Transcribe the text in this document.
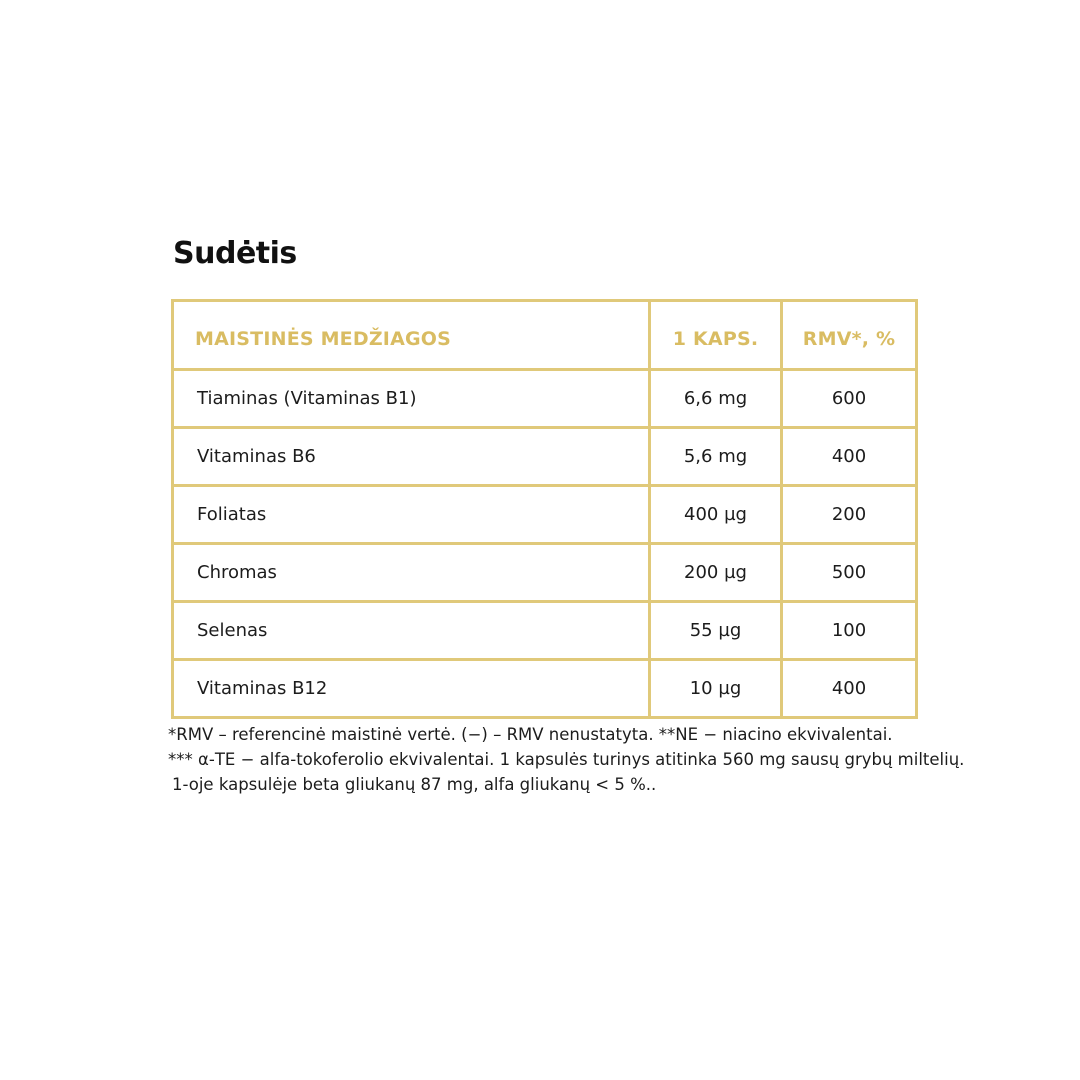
Sudėtis
MAISTINĖS MEDŽIAGOS	1 KAPS.	RMV*, %
Tiaminas (Vitaminas B1)	6,6 mg	600
Vitaminas B6	5,6 mg	400
Foliatas	400 µg	200
Chromas	200 µg	500
Selenas	55 µg	100
Vitaminas B12	10 µg	400
*RMV – referencinė maistinė vertė. (−) – RMV nenustatyta. **NE − niacino ekvivalentai.
*** α-TE − alfa-tokoferolio ekvivalentai. 1 kapsulės turinys atitinka 560 mg sausų grybų miltelių.
1-oje kapsulėje beta gliukanų 87 mg, alfa gliukanų < 5 %..
